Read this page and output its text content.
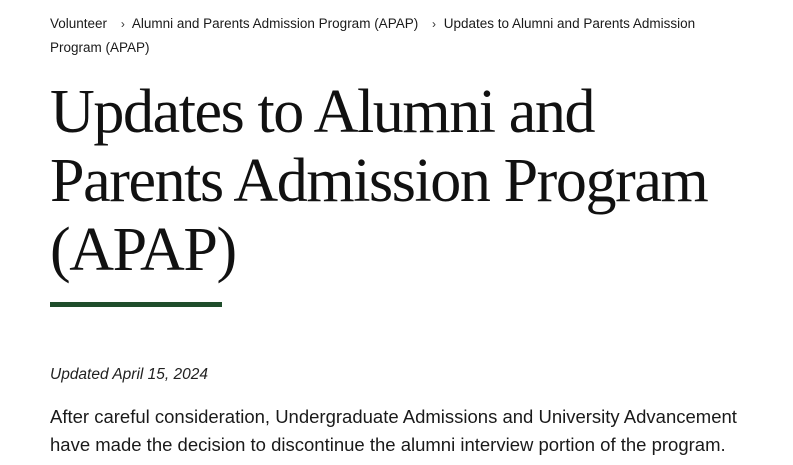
Volunteer › Alumni and Parents Admission Program (APAP) › Updates to Alumni and Parents Admission Program (APAP)
Updates to Alumni and Parents Admission Program (APAP)
Updated April 15, 2024

After careful consideration, Undergraduate Admissions and University Advancement have made the decision to discontinue the alumni interview portion of the program.
